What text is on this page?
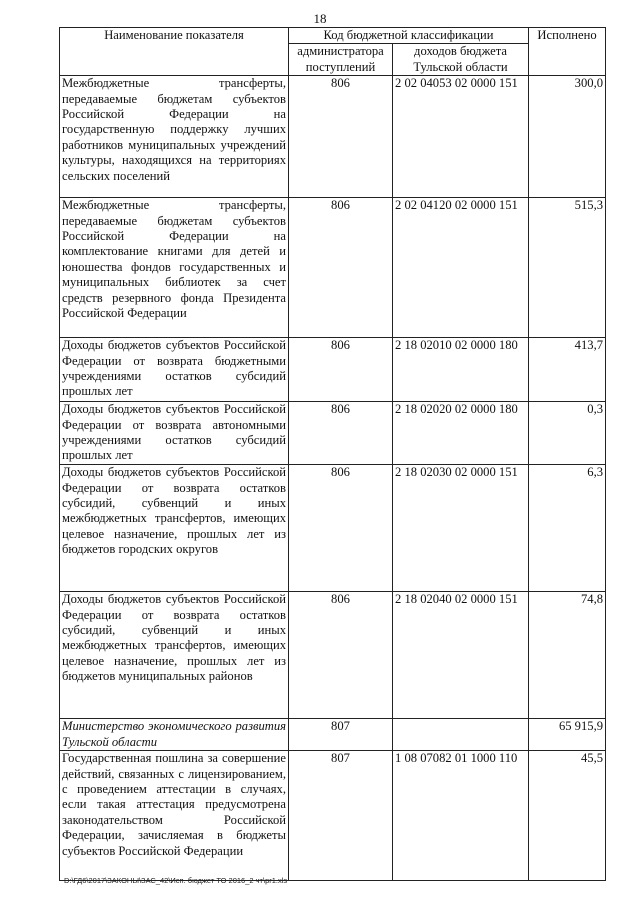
18
Наименование показателя	Код бюджетной классификации		Исполнено
	администратора поступлений	доходов бюджета Тульской области	
Межбюджетные трансферты, передаваемые бюджетам субъектов Российской Федерации на государственную поддержку лучших работников муниципальных учреждений культуры, находящихся на территориях сельских поселений	806	2 02 04053 02 0000 151	300,0
Межбюджетные трансферты, передаваемые бюджетам субъектов Российской Федерации на комплектование книгами для детей и юношества фондов государственных и муниципальных библиотек за счет средств резервного фонда Президента Российской Федерации	806	2 02 04120 02 0000 151	515,3
Доходы бюджетов субъектов Российской Федерации от возврата бюджетными учреждениями остатков субсидий прошлых лет	806	2 18 02010 02 0000 180	413,7
Доходы бюджетов субъектов Российской Федерации от возврата автономными учреждениями остатков субсидий прошлых лет	806	2 18 02020 02 0000 180	0,3
Доходы бюджетов субъектов Российской Федерации от возврата остатков субсидий, субвенций и иных межбюджетных трансфертов, имеющих целевое назначение, прошлых лет из бюджетов городских округов	806	2 18 02030 02 0000 151	6,3
Доходы бюджетов субъектов Российской Федерации от возврата остатков субсидий, субвенций и иных межбюджетных трансфертов, имеющих целевое назначение, прошлых лет из бюджетов муниципальных районов	806	2 18 02040 02 0000 151	74,8
Министерство экономического развития Тульской области	807		65 915,9
Государственная пошлина за совершение действий, связанных с лицензированием, с проведением аттестации в случаях, если такая аттестация предусмотрена законодательством Российской Федерации, зачисляемая в бюджеты субъектов Российской Федерации	807	1 08 07082 01 1000 110	45,5
D:\ГД6\2017\ЗАКОНЫ\ЗАС_42\Исп. бюджет ТО 2016_2 чт\pr1.xls
